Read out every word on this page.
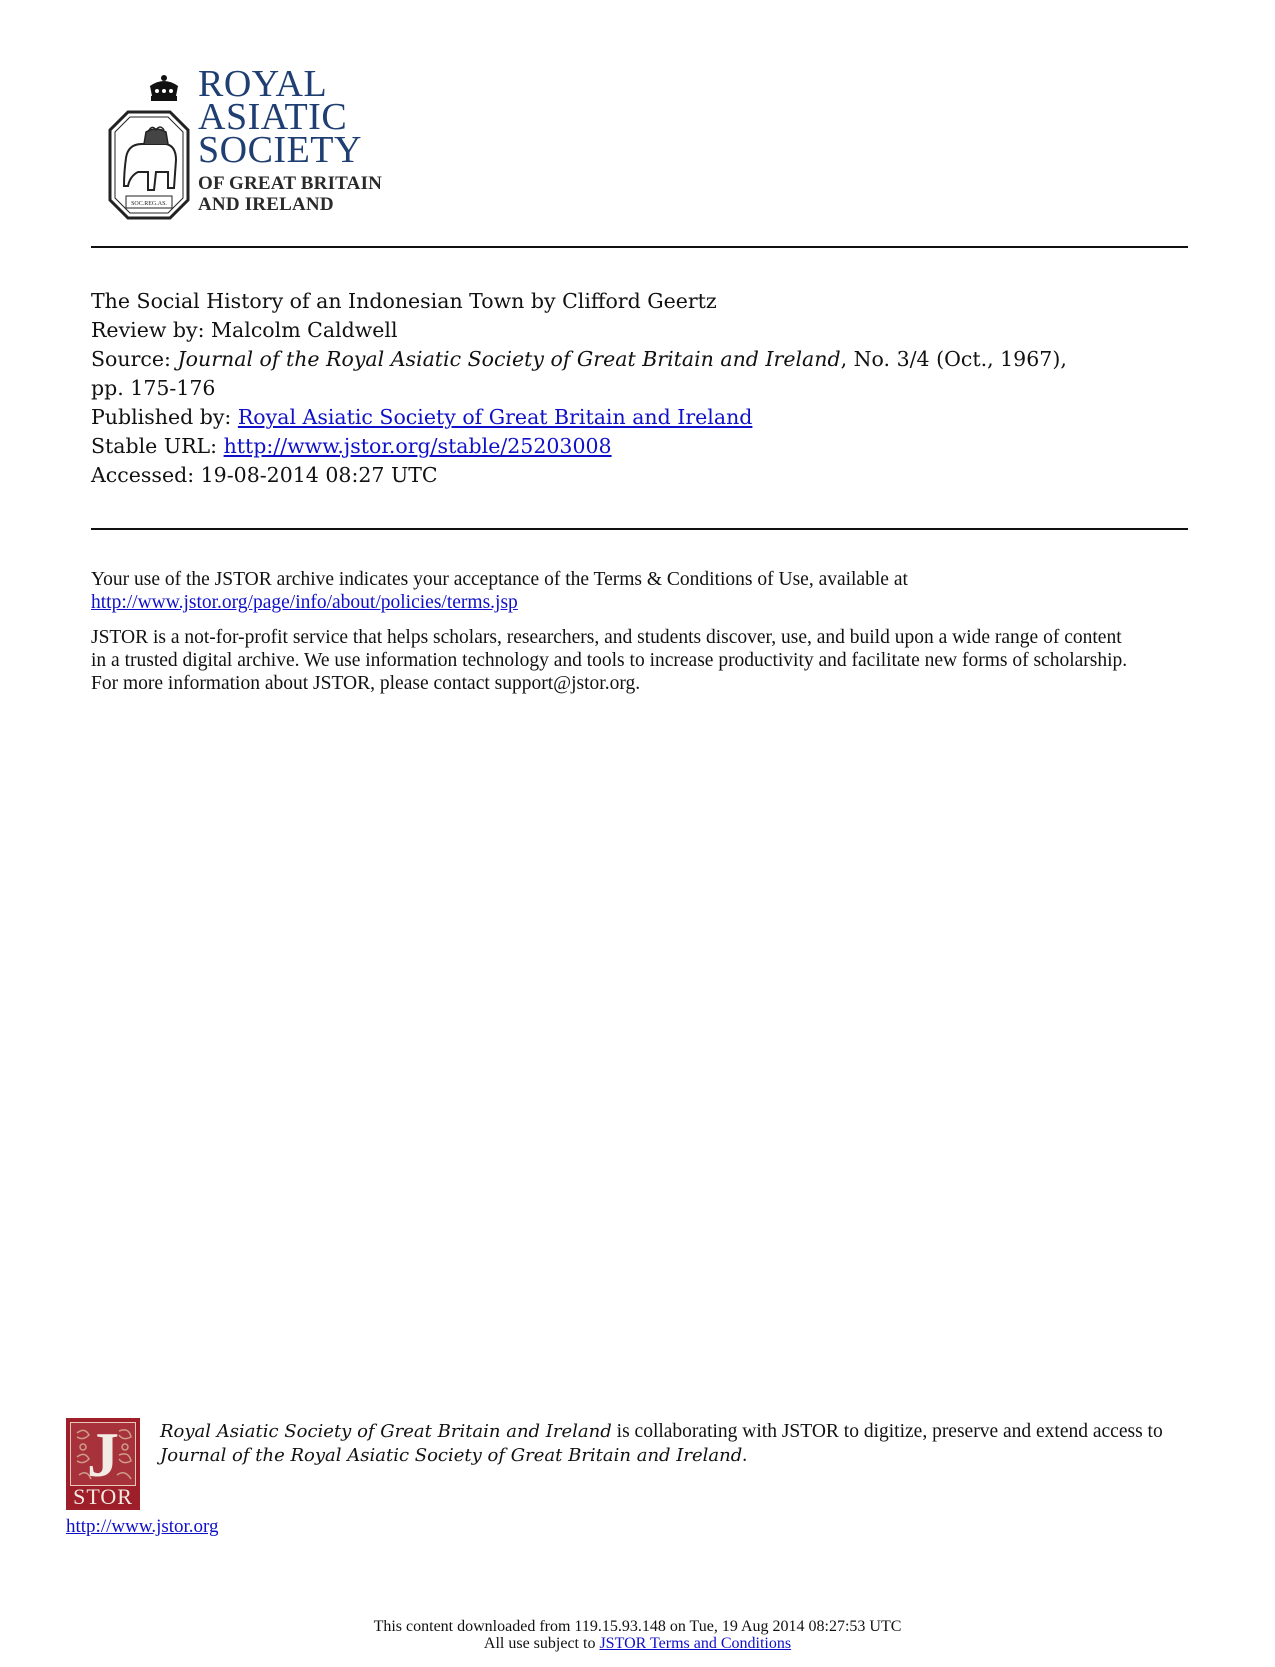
SOC.REG.AS.
ROYAL
ASIATIC
SOCIETY
OF GREAT BRITAIN
AND IRELAND
The Social History of an Indonesian Town by Clifford Geertz
Review by: Malcolm Caldwell
Source: Journal of the Royal Asiatic Society of Great Britain and Ireland, No. 3/4 (Oct., 1967),
pp. 175-176
Published by: Royal Asiatic Society of Great Britain and Ireland
Stable URL: http://www.jstor.org/stable/25203008
Accessed: 19-08-2014 08:27 UTC

Your use of the JSTOR archive indicates your acceptance of the Terms & Conditions of Use, available at
http://www.jstor.org/page/info/about/policies/terms.jsp

JSTOR is a not-for-profit service that helps scholars, researchers, and students discover, use, and build upon a wide range of content
in a trusted digital archive. We use information technology and tools to increase productivity and facilitate new forms of scholarship.
For more information about JSTOR, please contact support@jstor.org.

J
STOR
http://www.jstor.org
Royal Asiatic Society of Great Britain and Ireland is collaborating with JSTOR to digitize, preserve and extend access to
Journal of the Royal Asiatic Society of Great Britain and Ireland.
This content downloaded from 119.15.93.148 on Tue, 19 Aug 2014 08:27:53 UTC
All use subject to JSTOR Terms and Conditions
